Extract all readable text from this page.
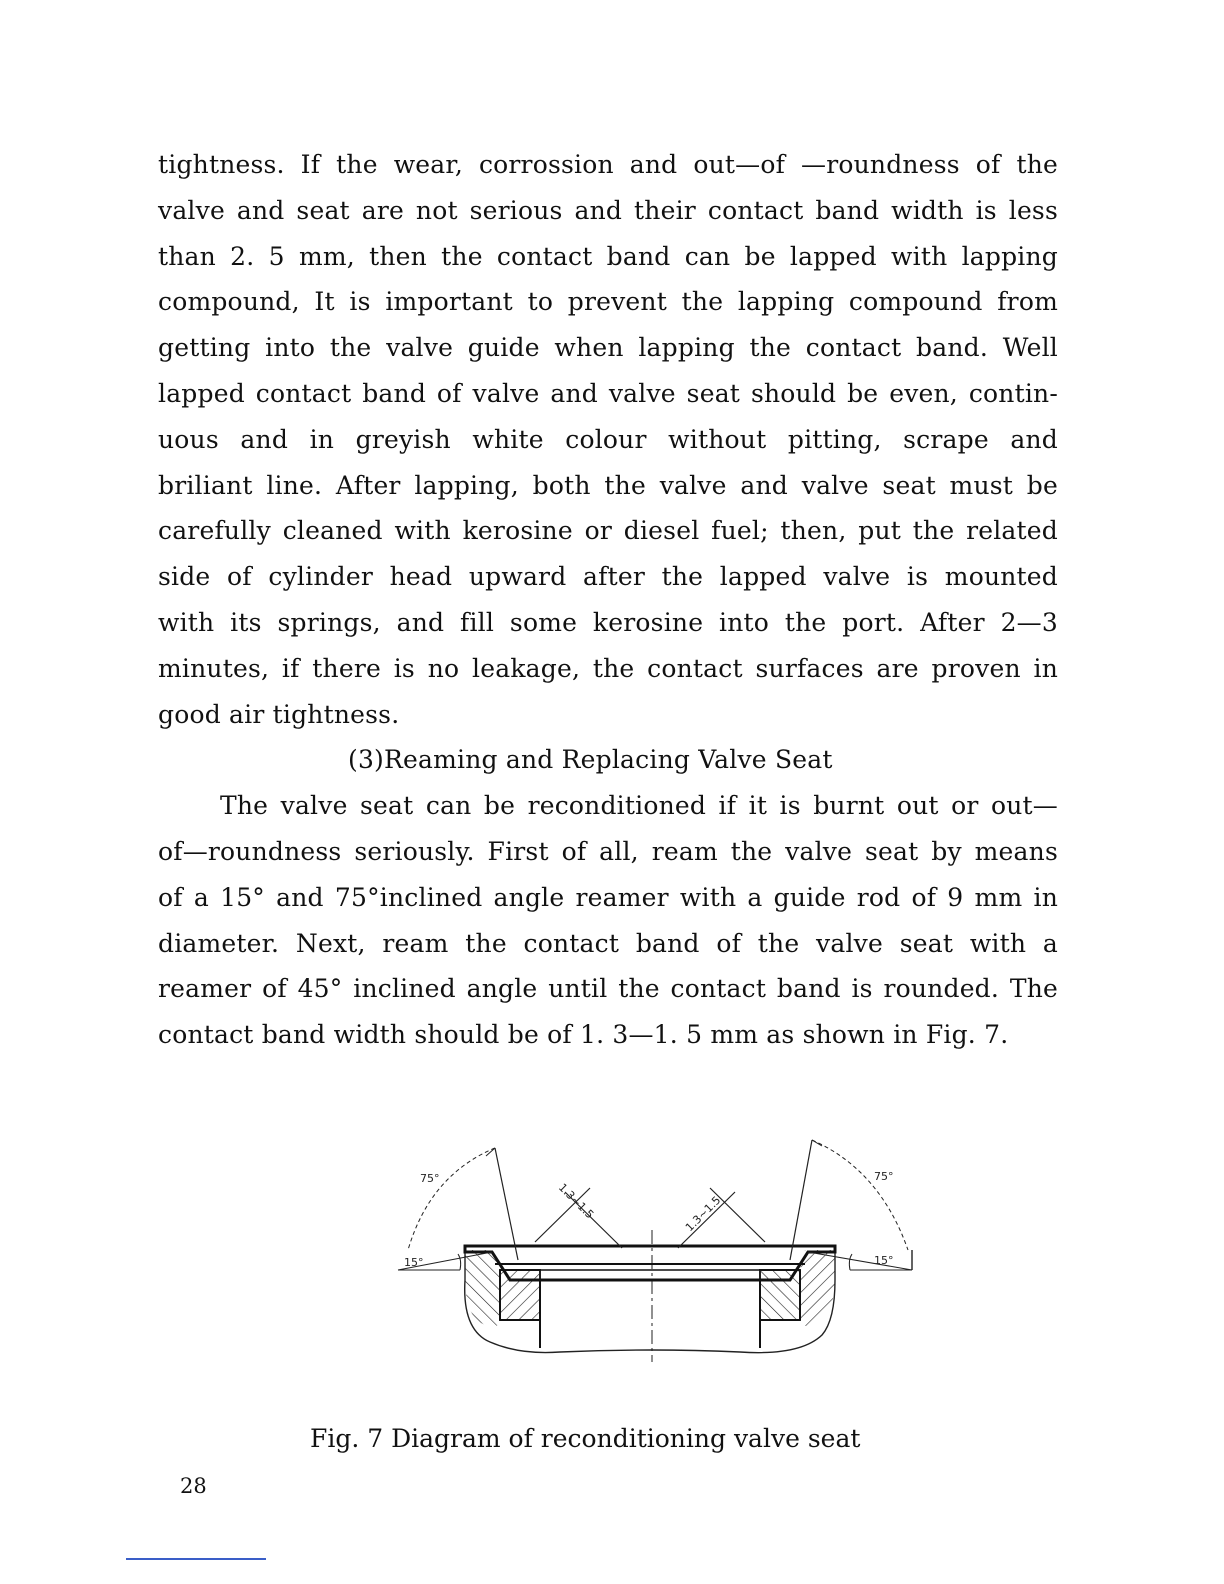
tightness. If the wear, corrossion and out—of —roundness of the
valve and seat are not serious and their contact band width is less
than 2. 5 mm, then the contact band can be lapped with lapping
compound, It is important to prevent the lapping compound from
getting into the valve guide when lapping the contact band. Well
lapped contact band of valve and valve seat should be even, contin-
uous and in greyish white colour without pitting, scrape and
briliant line. After lapping, both the valve and valve seat must be
carefully cleaned with kerosine or diesel fuel; then, put the related
side of cylinder head upward after the lapped valve is mounted
with its springs, and fill some kerosine into the port. After 2—3
minutes, if there is no leakage, the contact surfaces are proven in
good air tightness.
(3)Reaming and Replacing Valve Seat
The valve seat can be reconditioned if it is burnt out or out—
of—roundness seriously. First of all, ream the valve seat by means
of a 15° and 75°inclined angle reamer with a guide rod of 9 mm in
diameter. Next, ream the contact band of the valve seat with a
reamer of 45° inclined angle until the contact band is rounded. The
contact band width should be of 1. 3—1. 5 mm as shown in Fig. 7.
75°	75°
15°	15°
1.3~1.5	1.3~1.5
Fig. 7 Diagram of reconditioning valve seat
28
